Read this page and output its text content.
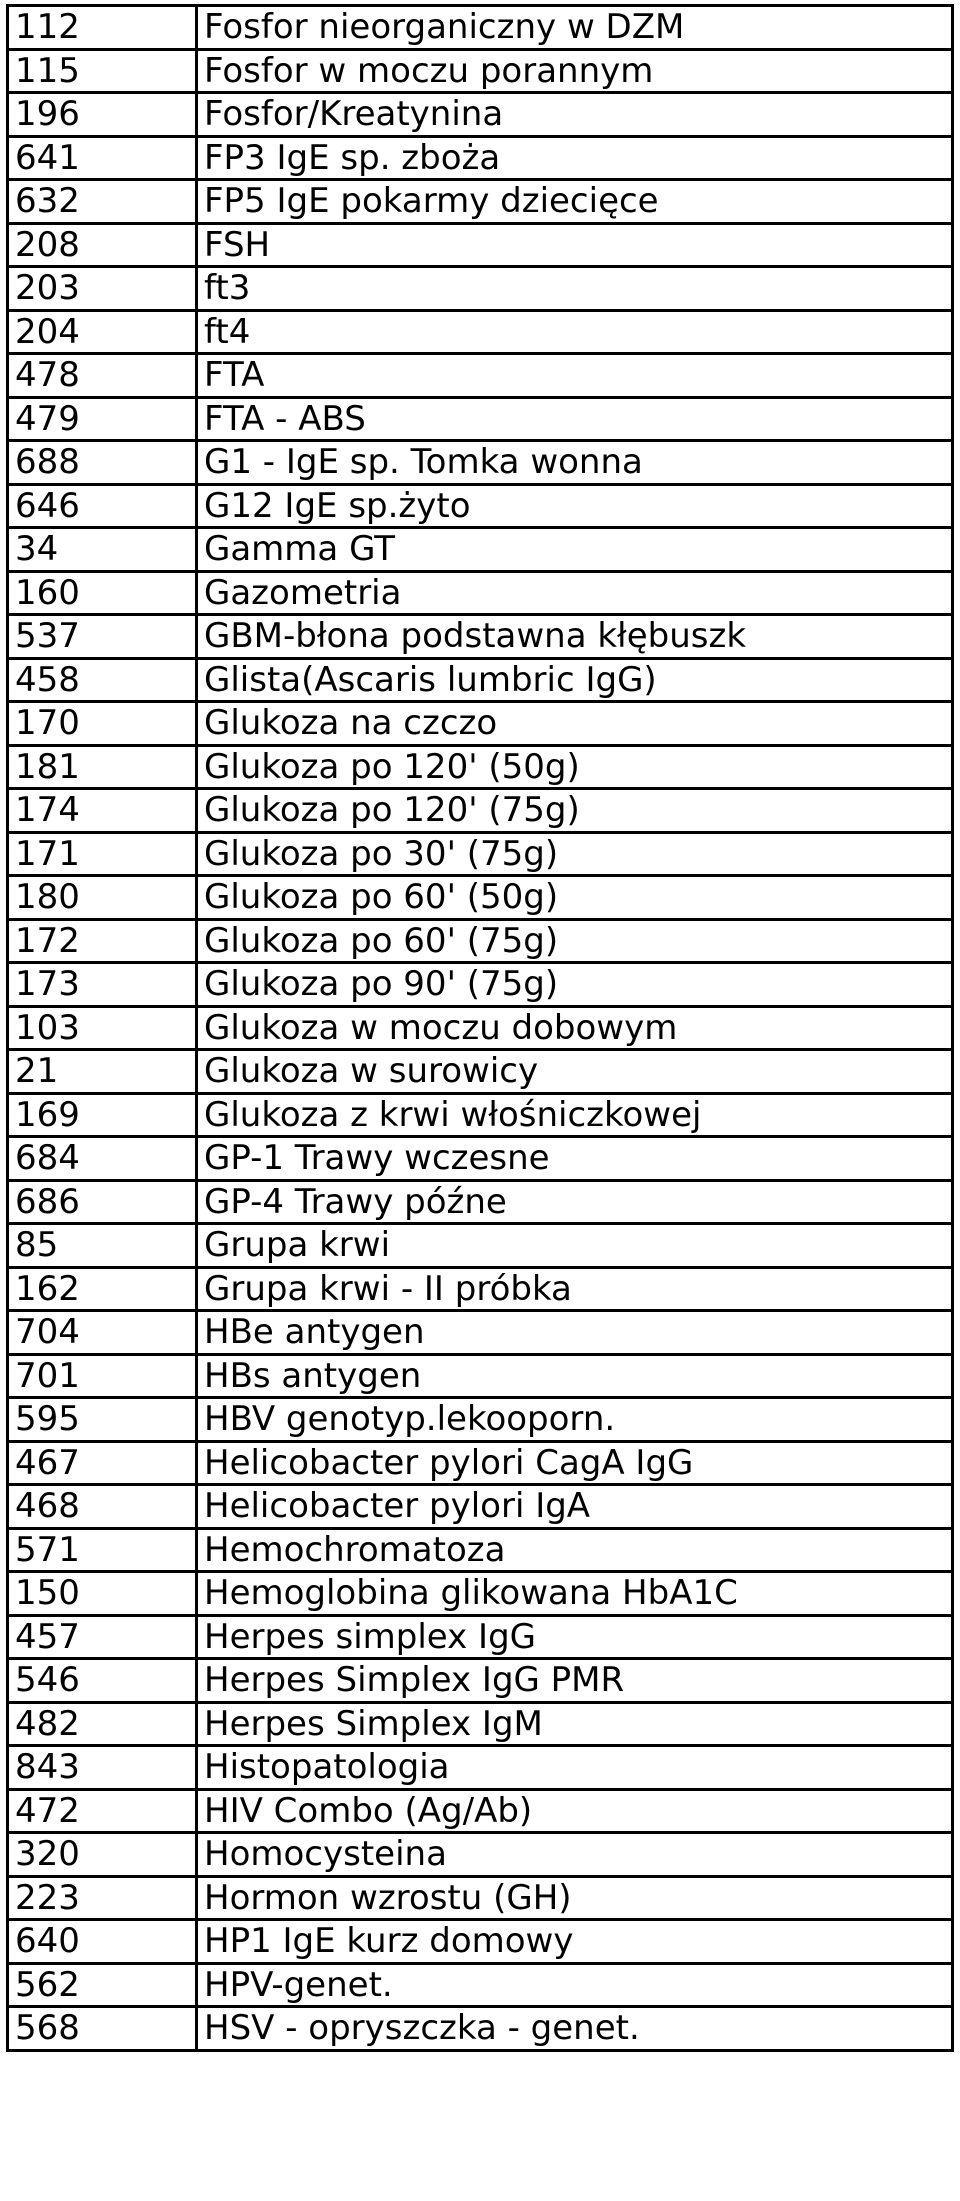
112	Fosfor nieorganiczny w DZM
115	Fosfor w moczu porannym
196	Fosfor/Kreatynina
641	FP3 IgE sp. zboża
632	FP5 IgE pokarmy dziecięce
208	FSH
203	ft3
204	ft4
478	FTA
479	FTA - ABS
688	G1 - IgE sp. Tomka wonna
646	G12 IgE sp.żyto
34	Gamma GT
160	Gazometria
537	GBM-błona podstawna kłębuszk
458	Glista(Ascaris lumbric IgG)
170	Glukoza na czczo
181	Glukoza po 120' (50g)
174	Glukoza po 120' (75g)
171	Glukoza po 30' (75g)
180	Glukoza po 60' (50g)
172	Glukoza po 60' (75g)
173	Glukoza po 90' (75g)
103	Glukoza w moczu dobowym
21	Glukoza w surowicy
169	Glukoza z krwi włośniczkowej
684	GP-1 Trawy wczesne
686	GP-4 Trawy późne
85	Grupa krwi
162	Grupa krwi - II próbka
704	HBe antygen
701	HBs antygen
595	HBV genotyp.lekooporn.
467	Helicobacter pylori CagA IgG
468	Helicobacter pylori IgA
571	Hemochromatoza
150	Hemoglobina glikowana HbA1C
457	Herpes simplex IgG
546	Herpes Simplex IgG PMR
482	Herpes Simplex IgM
843	Histopatologia
472	HIV Combo (Ag/Ab)
320	Homocysteina
223	Hormon wzrostu (GH)
640	HP1 IgE kurz domowy
562	HPV-genet.
568	HSV - opryszczka - genet.
